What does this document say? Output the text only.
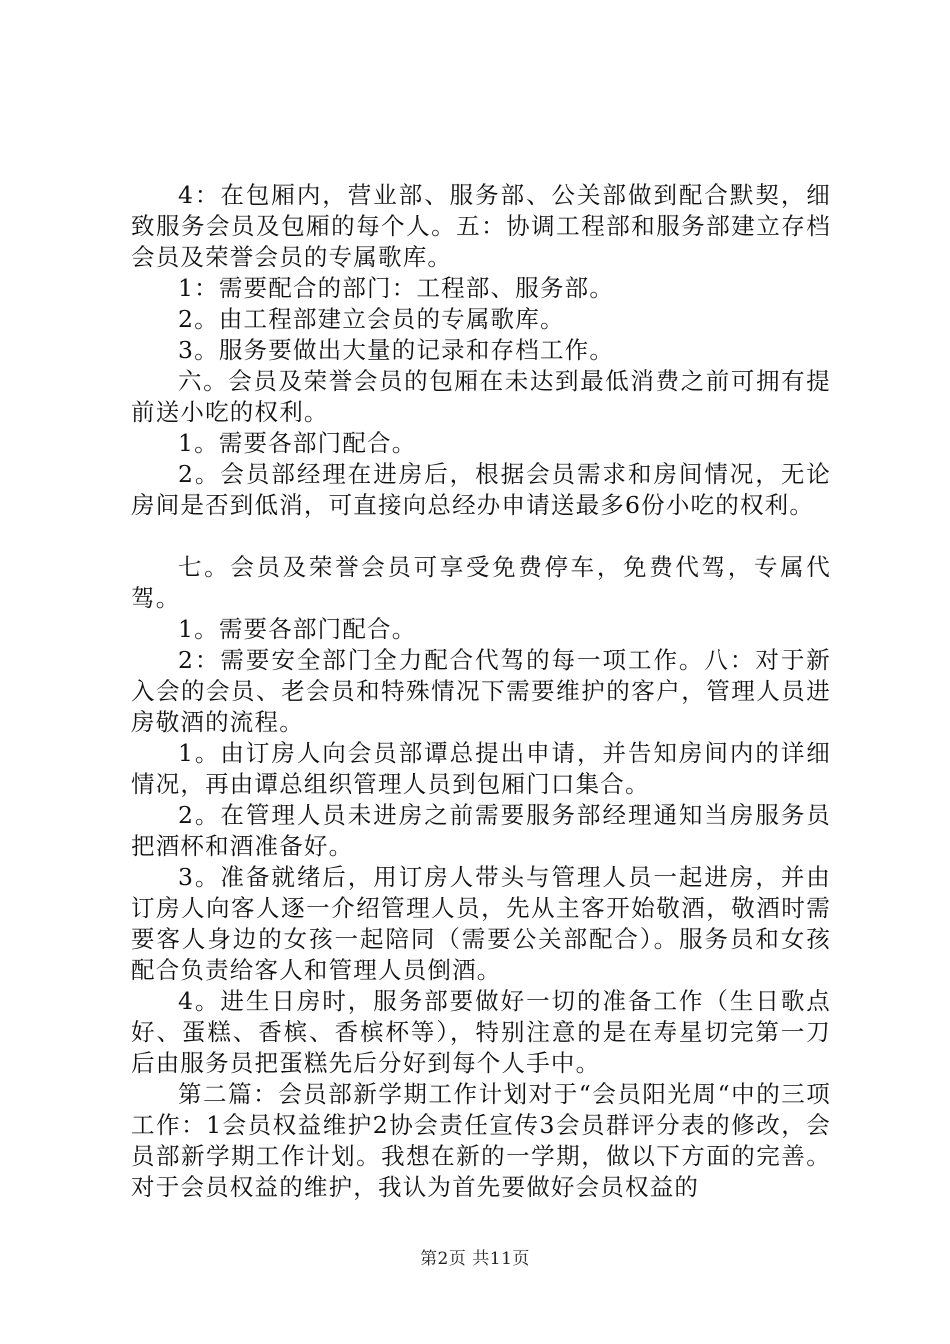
4：在包厢内，营业部、服务部、公关部做到配合默契，细致服务会员及包厢的每个人。五：协调工程部和服务部建立存档会员及荣誉会员的专属歌库。

1：需要配合的部门：工程部、服务部。

2。由工程部建立会员的专属歌库。

3。服务要做出大量的记录和存档工作。

六。会员及荣誉会员的包厢在未达到最低消费之前可拥有提前送小吃的权利。

1。需要各部门配合。

2。会员部经理在进房后，根据会员需求和房间情况，无论房间是否到低消，可直接向总经办申请送最多6份小吃的权利。

七。会员及荣誉会员可享受免费停车，免费代驾，专属代驾。

1。需要各部门配合。

2：需要安全部门全力配合代驾的每一项工作。八：对于新入会的会员、老会员和特殊情况下需要维护的客户，管理人员进房敬酒的流程。

1。由订房人向会员部谭总提出申请，并告知房间内的详细情况，再由谭总组织管理人员到包厢门口集合。

2。在管理人员未进房之前需要服务部经理通知当房服务员把酒杯和酒准备好。

3。准备就绪后，用订房人带头与管理人员一起进房，并由订房人向客人逐一介绍管理人员，先从主客开始敬酒，敬酒时需要客人身边的女孩一起陪同（需要公关部配合）。服务员和女孩配合负责给客人和管理人员倒酒。

4。进生日房时，服务部要做好一切的准备工作（生日歌点好、蛋糕、香槟、香槟杯等），特别注意的是在寿星切完第一刀后由服务员把蛋糕先后分好到每个人手中。

第二篇：会员部新学期工作计划对于“会员阳光周“中的三项工作：1会员权益维护2协会责任宣传3会员群评分表的修改，会员部新学期工作计划。我想在新的一学期，做以下方面的完善。对于会员权益的维护，我认为首先要做好会员权益的

第2页 共11页
